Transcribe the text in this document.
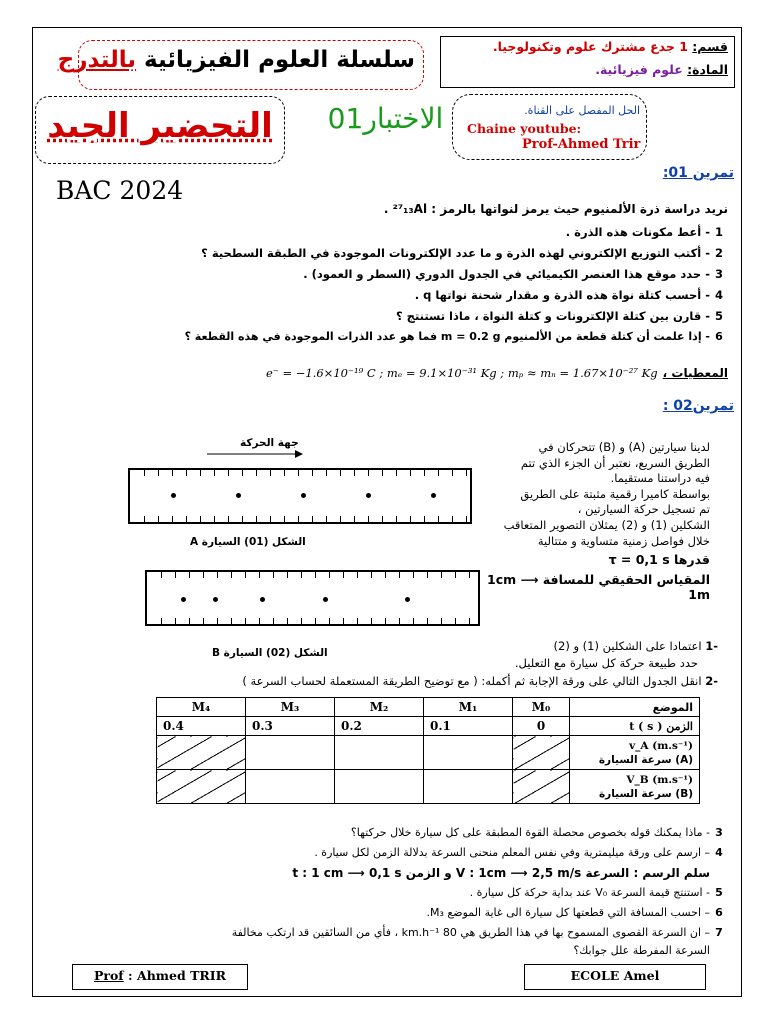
قسم: 1 جدع مشترك علوم وتكنولوجيا.
المادة: علوم فيزيائية.
سلسلة العلوم الفيزيائية بالتدرج
التحضير الجيد	الاختبار01	الحل المفصل على القناة.
Chaine youtube:
Prof-Ahmed Trir
BAC 2024
تمرين 01:
نريد دراسة ذرة الألمنيوم حيث يرمز لنواتها بالرمز : ²⁷₁₃Al .
1- أعط مكونات هذه الذرة .
2- أكتب التوزيع الإلكتروني لهذه الذرة و ما عدد الإلكترونات الموجودة في الطبقة السطحية ؟
3- حدد موقع هذا العنصر الكيميائي في الجدول الدوري (السطر و العمود) .
4- أحسب كتلة نواة هذه الذرة و مقدار شحنة نواتها q .
5- قارن بين كتلة الإلكترونات و كتلة النواة ، ماذا تستنتج ؟
6- إذا علمت أن كتلة قطعة من الألمنيوم m = 0.2 g فما هو عدد الذرات الموجودة في هذه القطعة ؟
المعطيات ، e⁻ = −1.6×10⁻¹⁹ C ; mₑ = 9.1×10⁻³¹ Kg ; mₚ ≈ mₙ = 1.67×10⁻²⁷ Kg
تمرين02 :
لدينا سيارتين (A) و (B) تتحركان في
الطريق السريع، نعتبر أن الجزء الذي تتم
فيه دراستنا مستقيما.
بواسطة كاميرا رقمية مثبتة على الطريق
تم تسجيل حركة السيارتين ،
الشكلين (1) و (2) يمثلان التصوير المتعاقب
خلال فواصل زمنية متساوية و متتالية
قدرها τ = 0,1 s
المقياس الحقيقي للمسافة 1cm ⟶ 1m
جهة الحركة
الشكل (01) السيارة A
الشكل (02) السيارة B	-1 اعتمادا على الشكلين (1) و (2)
حدد طبيعة حركة كل سيارة مع التعليل.
-2 انقل الجدول التالي على ورقة الإجابة ثم أكمله: ( مع توضيح الطريقة المستعملة لحساب السرعة )
M₄	M₃	M₂	M₁	M₀	الموضع
0.4	0.3	0.2	0.1	0	t ( s ) الزمن

					v_A (m.s⁻¹)
سرعة السيارة (A)

					V_B (m.s⁻¹)
سرعة السيارة (B)
3- ماذا يمكنك قوله بخصوص محصلة القوة المطبقة على كل سيارة خلال حركتها؟
4– ارسم على ورقة ميليمترية وفي نفس المعلم منحنى السرعة بدلالة الزمن لكل سيارة .
سلم الرسم : السرعة V : 1cm ⟶ 2,5 m/s و الزمن t : 1 cm ⟶ 0,1 s
5- استنتج قيمة السرعة V₀ عند بداية حركة كل سيارة .
6– احسب المسافة التي قطعتها كل سيارة الى غاية الموضع M₃.
7– ان السرعة القصوى المسموح بها في هذا الطريق هي 80 km.h⁻¹ ، فأي من السائقين قد ارتكب مخالفة
السرعة المفرطة علل جوابك؟
Prof : Ahmed TRIR	ECOLE Amel
